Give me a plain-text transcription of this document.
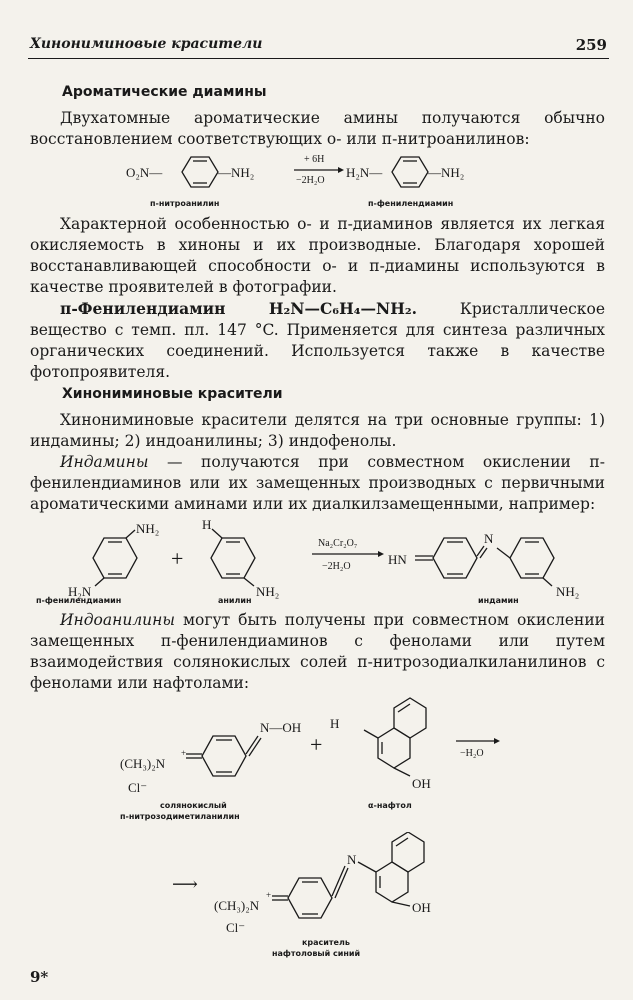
Хинониминовые красители	259
Ароматические диамины

Двухатомные ароматические амины получаются обычно восстановлением соответствующих о- или п-нитроанилинов:

O₂N—	—NH₂
+ 6H
−2H₂O
H₂N—	—NH₂
п-нитроанилин	п-фенилендиамин

Характерной особенностью о- и п-диаминов является их легкая окисляемость в хиноны и их производные. Благодаря хорошей восстанавливающей способности о- и п-диамины используются в качестве проявителей в фотографии.

п-Фенилендиамин H₂N—C₆H₄—NH₂. Кристаллическое вещество с темп. пл. 147 °C. Применяется для синтеза различных органических соединений. Используется также в качестве фотопроявителя.

Хинониминовые красители

Хинониминовые красители делятся на три основные группы: 1) индамины; 2) индоанилины; 3) индофенолы.

Индамины — получаются при совместном окислении п-фенилендиаминов или их замещенных производных с первичными ароматическими аминами или их диалкилзамещенными, например:

NH₂
H₂N
+
H
NH₂
Na₂Cr₂O₇
−2H₂O
N
HN
NH₂
п-фенилендиамин	анилин	индамин

Индоанилины могут быть получены при совместном окислении замещенных п-фенилендиаминов с фенолами или путем взаимодействия солянокислых солей п-нитрозодиалкиланилинов с фенолами или нафтолами:

N—OH
(CH₃)₂N
+
Cl⁻
+
H
OH
−H₂O
солянокислый
п-нитрозодиметиланилин
α-нафтол
⟶
N
(CH₃)₂N
+
Cl⁻
OH
краситель
нафтоловый синий
9*
